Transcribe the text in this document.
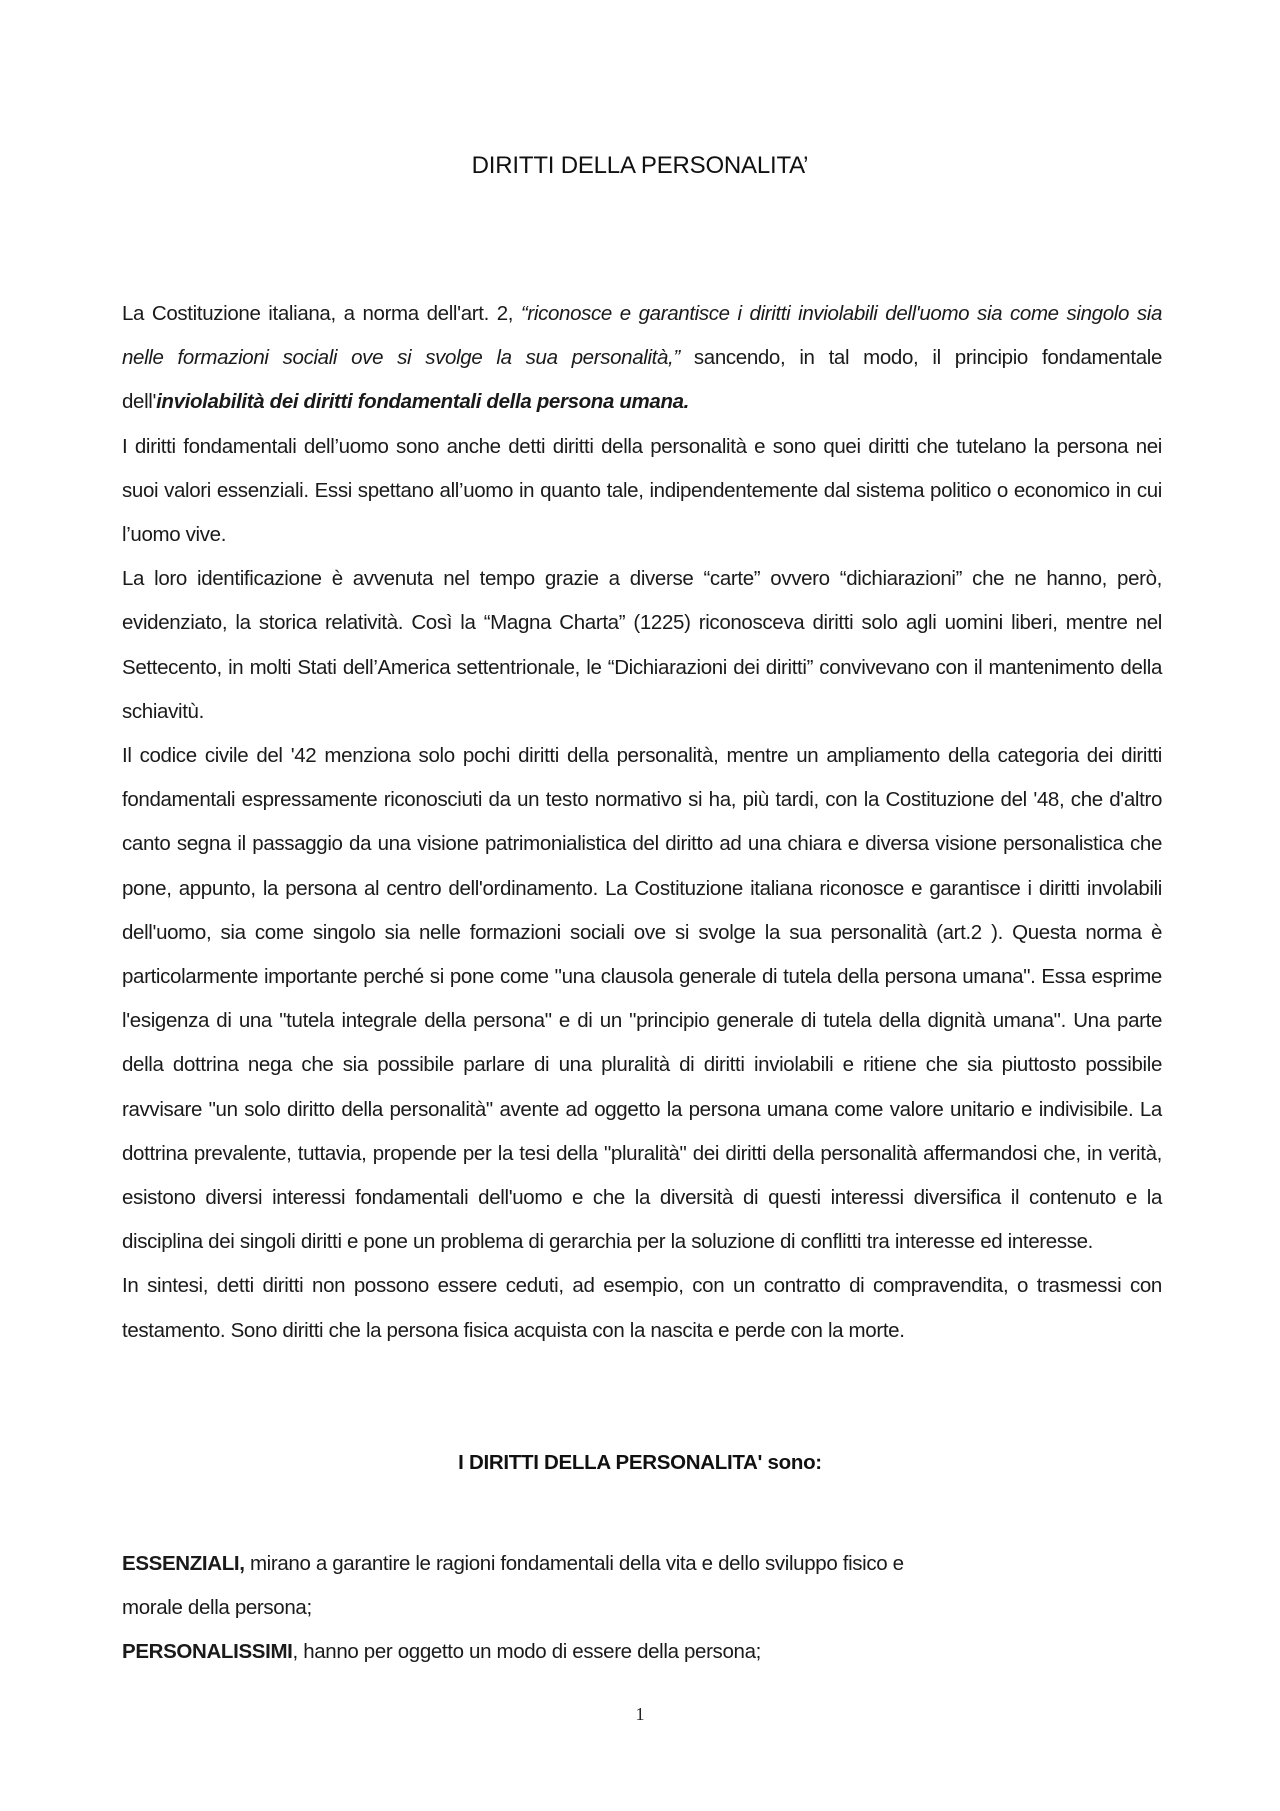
DIRITTI DELLA PERSONALITA’

La Costituzione italiana, a norma dell'art. 2, “riconosce e garantisce i diritti inviolabili dell'uomo sia come singolo sia nelle formazioni sociali ove si svolge la sua personalità,” sancendo, in tal modo, il principio fondamentale dell'inviolabilità dei diritti fondamentali della persona umana.

I diritti fondamentali dell’uomo sono anche detti diritti della personalità e sono quei diritti che tutelano la persona nei suoi valori essenziali. Essi spettano all’uomo in quanto tale, indipendentemente dal sistema politico o economico in cui l’uomo vive.

La loro identificazione è avvenuta nel tempo grazie a diverse “carte” ovvero “dichiarazioni” che ne hanno, però, evidenziato, la storica relatività. Così la “Magna Charta” (1225) riconosceva diritti solo agli uomini liberi, mentre nel Settecento, in molti Stati dell’America settentrionale, le “Dichiarazioni dei diritti” convivevano con il mantenimento della schiavitù.

Il codice civile del '42 menziona solo pochi diritti della personalità, mentre un ampliamento della categoria dei diritti fondamentali espressamente riconosciuti da un testo normativo si ha, più tardi, con la Costituzione del '48, che d'altro canto segna il passaggio da una visione patrimonialistica del diritto ad una chiara e diversa visione personalistica che pone, appunto, la persona al centro dell'ordinamento. La Costituzione italiana riconosce e garantisce i diritti involabili dell'uomo, sia come singolo sia nelle formazioni sociali ove si svolge la sua personalità (art.2 ). Questa norma è particolarmente importante perché si pone come "una clausola generale di tutela della persona umana". Essa esprime l'esigenza di una "tutela integrale della persona" e di un "principio generale di tutela della dignità umana". Una parte della dottrina nega che sia possibile parlare di una pluralità di diritti inviolabili e ritiene che sia piuttosto possibile ravvisare "un solo diritto della personalità" avente ad oggetto la persona umana come valore unitario e indivisibile. La dottrina prevalente, tuttavia, propende per la tesi della "pluralità" dei diritti della personalità affermandosi che, in verità, esistono diversi interessi fondamentali dell'uomo e che la diversità di questi interessi diversifica il contenuto e la disciplina dei singoli diritti e pone un problema di gerarchia per la soluzione di conflitti tra interesse ed interesse.

In sintesi, detti diritti non possono essere ceduti, ad esempio, con un contratto di compravendita, o trasmessi con testamento. Sono diritti che la persona fisica acquista con la nascita e perde con la morte.

I DIRITTI DELLA PERSONALITA' sono:

ESSENZIALI, mirano a garantire le ragioni fondamentali della vita e dello sviluppo fisico e

morale della persona;

PERSONALISSIMI, hanno per oggetto un modo di essere della persona;

1
